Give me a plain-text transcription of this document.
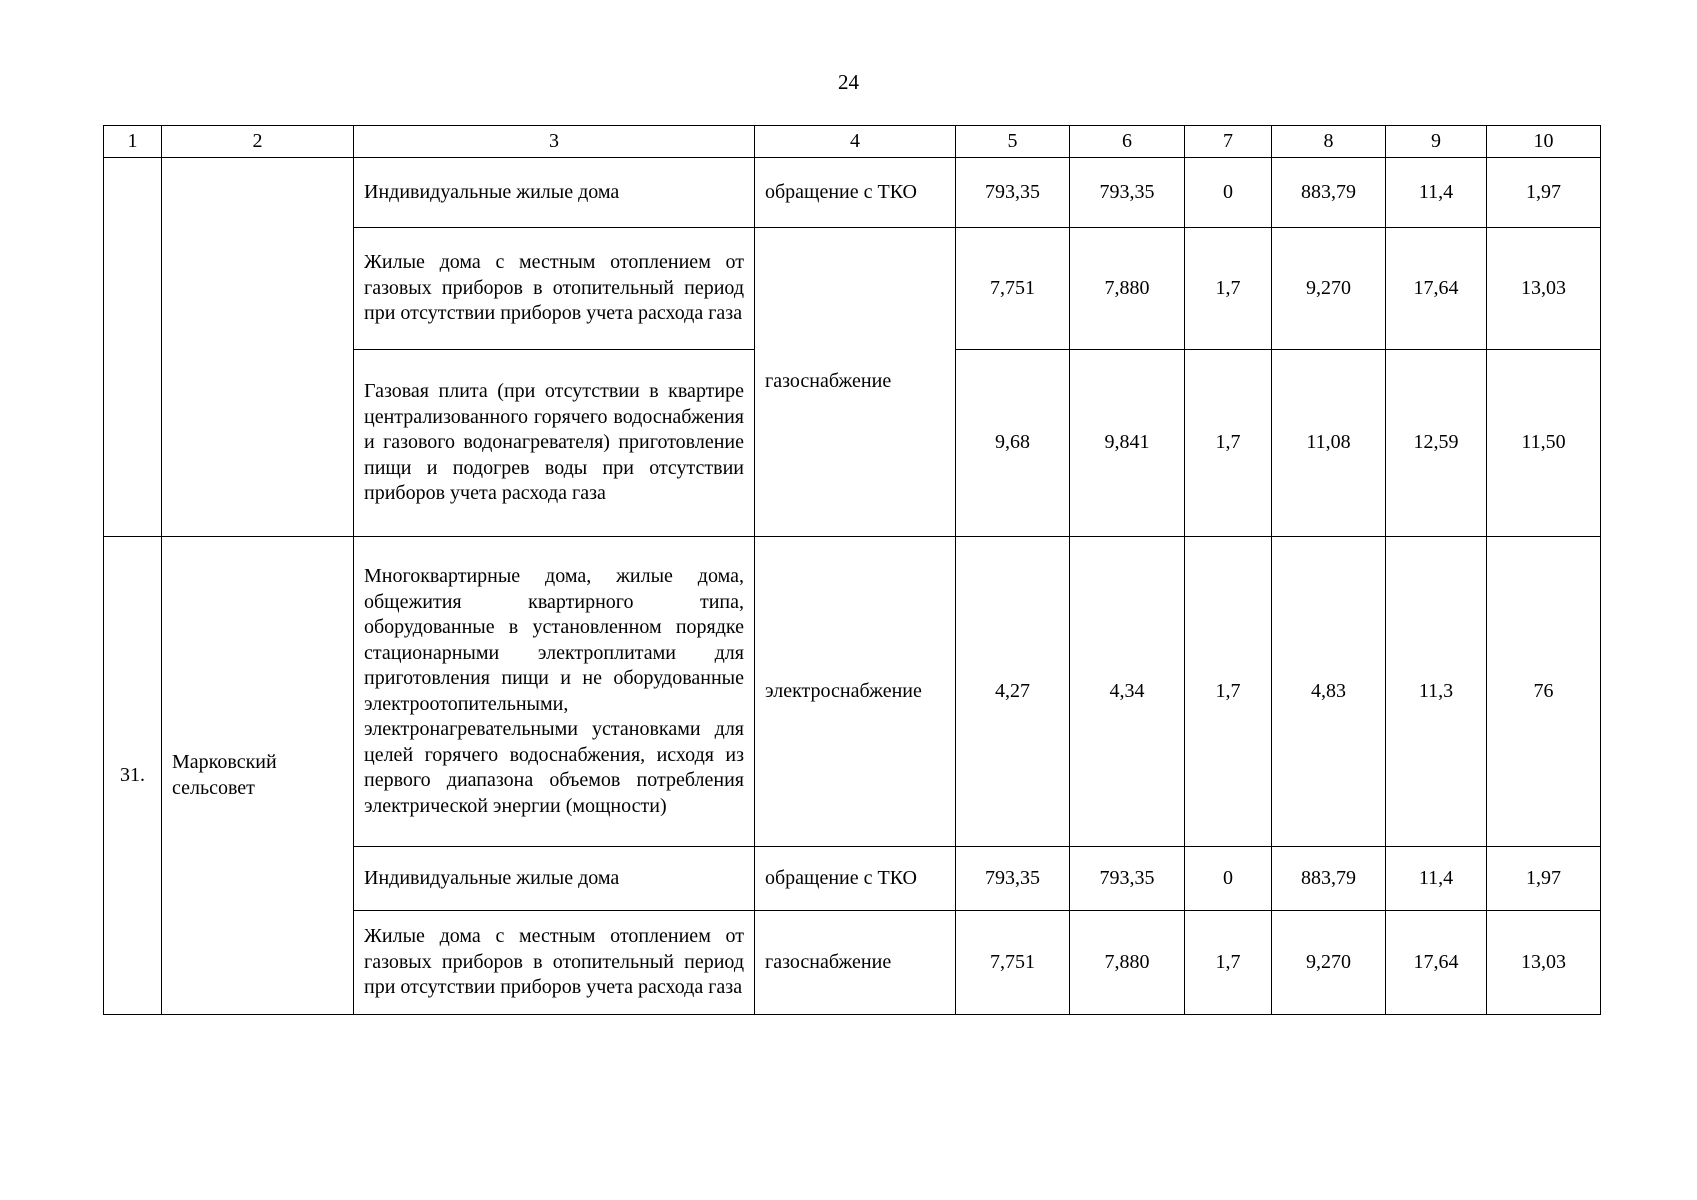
24
1	2	3	4	5	6	7	8	9	10
		Индивидуальные жилые дома	обращение с ТКО	793,35	793,35	0	883,79	11,4	1,97
		Жилые дома с местным отоплением от газовых приборов в отопительный период при отсутствии приборов учета расхода газа	газоснабжение	7,751	7,880	1,7	9,270	17,64	13,03
		Газовая плита (при отсутствии в квартире централизованного горячего водоснабжения и газового водонагревателя) приготовление пищи и подогрев воды при отсутствии приборов учета расхода газа		9,68	9,841	1,7	11,08	12,59	11,50
31.	Марковский сельсовет	Многоквартирные дома, жилые дома, общежития квартирного типа, оборудованные в установленном порядке стационарными электроплитами для приготовления пищи и не оборудованные электроотопительными, электронагревательными установками для целей горячего водоснабжения, исходя из первого диапазона объемов потребления электрической энергии (мощности)	электроснабжение	4,27	4,34	1,7	4,83	11,3	76
		Индивидуальные жилые дома	обращение с ТКО	793,35	793,35	0	883,79	11,4	1,97
		Жилые дома с местным отоплением от газовых приборов в отопительный период при отсутствии приборов учета расхода газа	газоснабжение	7,751	7,880	1,7	9,270	17,64	13,03
